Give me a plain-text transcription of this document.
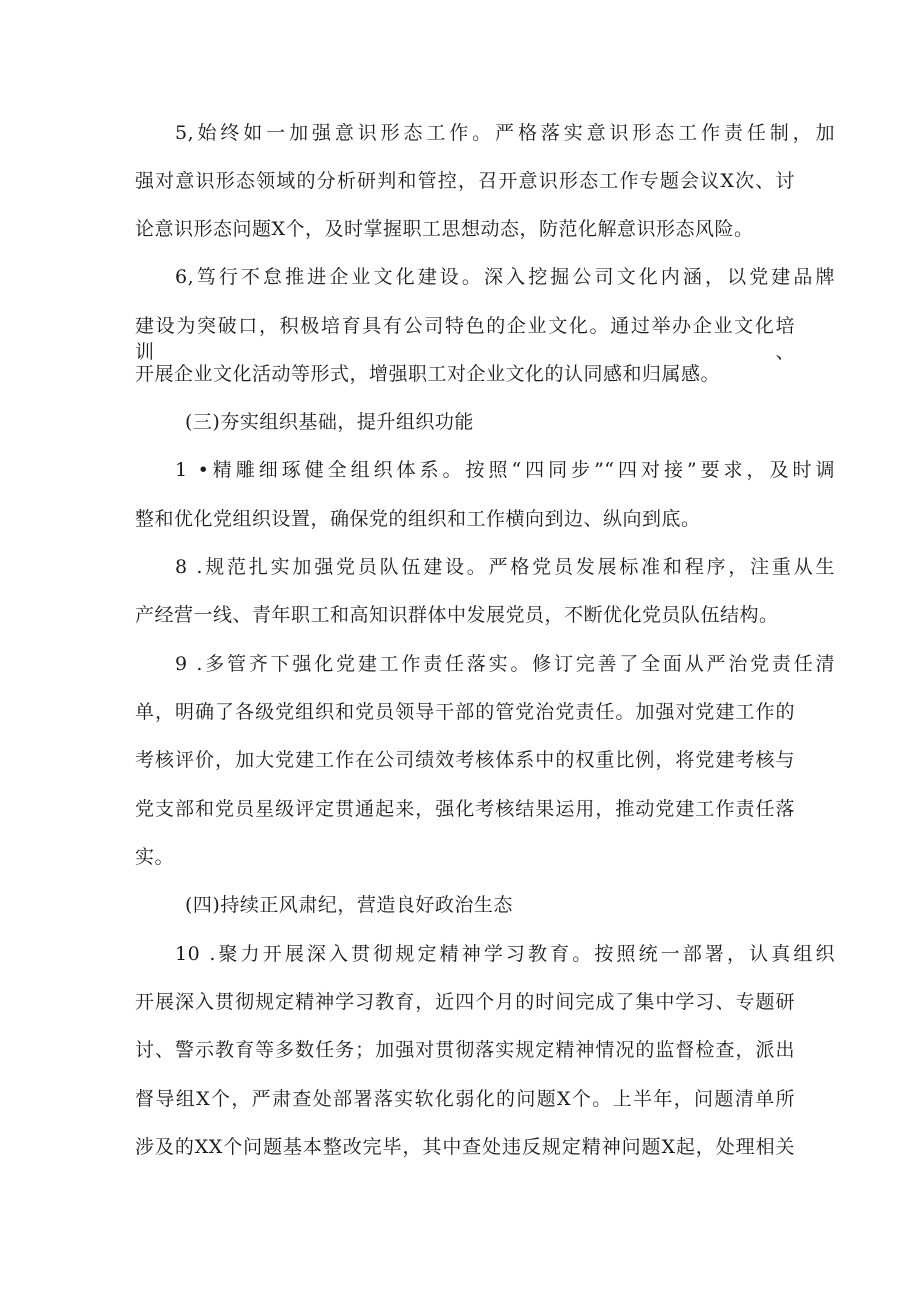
5,始终如一加强意识形态工作。严格落实意识形态工作责任制，加
强对意识形态领域的分析研判和管控，召开意识形态工作专题会议X次、讨
论意识形态问题X个，及时掌握职工思想动态，防范化解意识形态风险。
6,笃行不怠推进企业文化建设。深入挖掘公司文化内涵，以党建品牌
建设为突破口，积极培育具有公司特色的企业文化。通过举办企业文化培训、
开展企业文化活动等形式，增强职工对企业文化的认同感和归属感。
(三)夯实组织基础，提升组织功能
1 •精雕细琢健全组织体系。按照“四同步”“四对接”要求，及时调
整和优化党组织设置，确保党的组织和工作横向到边、纵向到底。
8 .规范扎实加强党员队伍建设。严格党员发展标准和程序，注重从生
产经营一线、青年职工和高知识群体中发展党员，不断优化党员队伍结构。
9 .多管齐下强化党建工作责任落实。修订完善了全面从严治党责任清
单，明确了各级党组织和党员领导干部的管党治党责任。加强对党建工作的
考核评价，加大党建工作在公司绩效考核体系中的权重比例，将党建考核与
党支部和党员星级评定贯通起来，强化考核结果运用，推动党建工作责任落
实。
(四)持续正风肃纪，营造良好政治生态
10 .聚力开展深入贯彻规定精神学习教育。按照统一部署，认真组织
开展深入贯彻规定精神学习教育，近四个月的时间完成了集中学习、专题研
讨、警示教育等多数任务；加强对贯彻落实规定精神情况的监督检查，派出
督导组X个，严肃查处部署落实软化弱化的问题X个。上半年，问题清单所
涉及的XX个问题基本整改完毕，其中查处违反规定精神问题X起，处理相关
